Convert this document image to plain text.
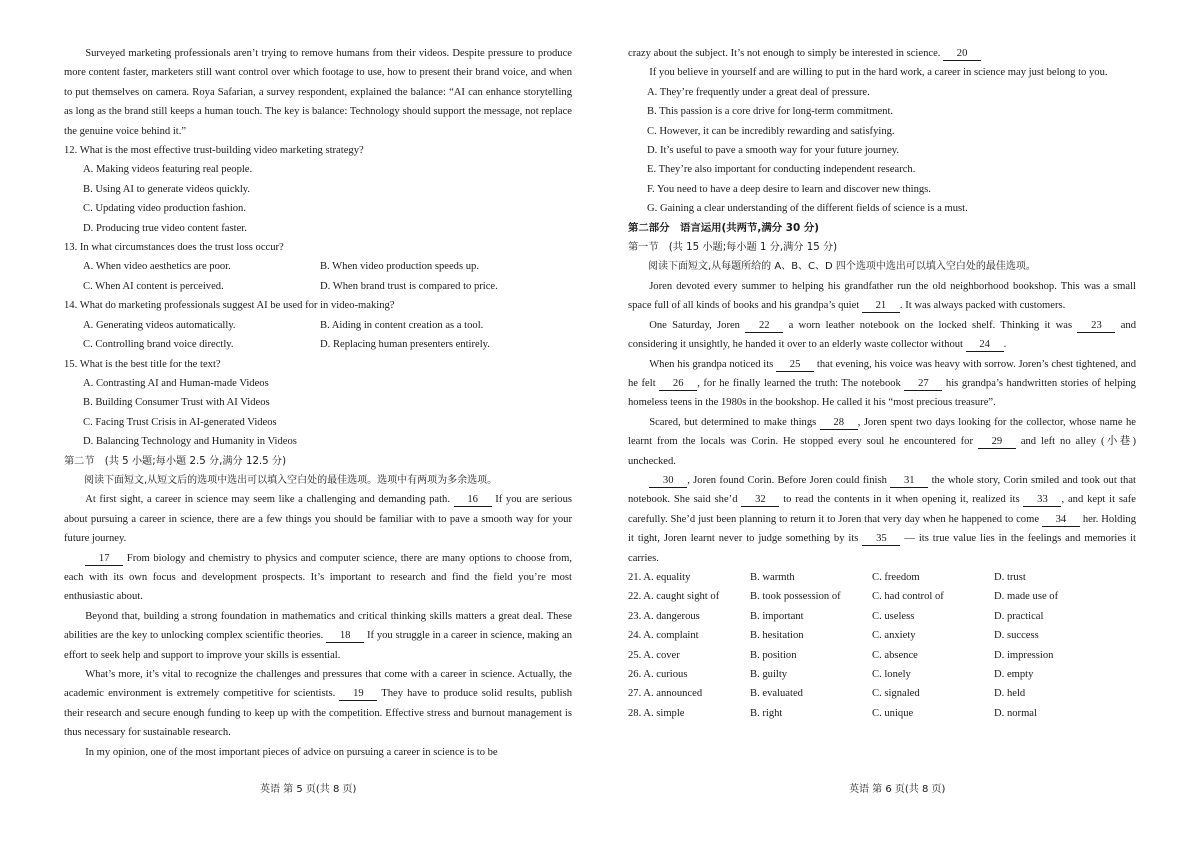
Surveyed marketing professionals aren’t trying to remove humans from their videos. Despite pressure to produce more content faster, marketers still want control over which footage to use, how to present their brand voice, and when to put themselves on camera. Roya Safarian, a survey respondent, explained the balance: “AI can enhance storytelling as long as the brand still keeps a human touch. The key is balance: Technology should support the message, not replace the genuine voice behind it.”
12. What is the most effective trust-building video marketing strategy?
A. Making videos featuring real people.
B. Using AI to generate videos quickly.
C. Updating video production fashion.
D. Producing true video content faster.
13. In what circumstances does the trust loss occur?
A. When video aesthetics are poor.	B. When video production speeds up.
C. When AI content is perceived.	D. When brand trust is compared to price.
14. What do marketing professionals suggest AI be used for in video-making?
A. Generating videos automatically.	B. Aiding in content creation as a tool.
C. Controlling brand voice directly.	D. Replacing human presenters entirely.
15. What is the best title for the text?
A. Contrasting AI and Human-made Videos
B. Building Consumer Trust with AI Videos
C. Facing Trust Crisis in AI-generated Videos
D. Balancing Technology and Humanity in Videos
第二节　(共 5 小题;每小题 2.5 分,满分 12.5 分)
阅读下面短文,从短文后的选项中选出可以填入空白处的最佳选项。选项中有两项为多余选项。
At first sight, a career in science may seem like a challenging and demanding path. 16 If you are serious about pursuing a career in science, there are a few things you should be familiar with to pave a smooth way for your future journey.
17 From biology and chemistry to physics and computer science, there are many options to choose from, each with its own focus and development prospects. It’s important to research and find the field you’re most enthusiastic about.
Beyond that, building a strong foundation in mathematics and critical thinking skills matters a great deal. These abilities are the key to unlocking complex scientific theories. 18 If you struggle in a career in science, making an effort to seek help and support to improve your skills is essential.
What’s more, it’s vital to recognize the challenges and pressures that come with a career in science. Actually, the academic environment is extremely competitive for scientists. 19 They have to produce solid results, publish their research and secure enough funding to keep up with the competition. Effective stress and burnout management is thus necessary for sustainable research.
In my opinion, one of the most important pieces of advice on pursuing a career in science is to be
crazy about the subject. It’s not enough to simply be interested in science. 20
If you believe in yourself and are willing to put in the hard work, a career in science may just belong to you.
A. They’re frequently under a great deal of pressure.
B. This passion is a core drive for long-term commitment.
C. However, it can be incredibly rewarding and satisfying.
D. It’s useful to pave a smooth way for your future journey.
E. They’re also important for conducting independent research.
F. You need to have a deep desire to learn and discover new things.
G. Gaining a clear understanding of the different fields of science is a must.
第二部分　语言运用(共两节,满分 30 分)
第一节　(共 15 小题;每小题 1 分,满分 15 分)
阅读下面短文,从每题所给的 A、B、C、D 四个选项中选出可以填入空白处的最佳选项。
Joren devoted every summer to helping his grandfather run the old neighborhood bookshop. This was a small space full of all kinds of books and his grandpa’s quiet 21 . It was always packed with customers.
One Saturday, Joren 22 a worn leather notebook on the locked shelf. Thinking it was 23 and considering it unsightly, he handed it over to an elderly waste collector without 24 .
When his grandpa noticed its 25 that evening, his voice was heavy with sorrow. Joren’s chest tightened, and he felt 26 , for he finally learned the truth: The notebook 27 his grandpa’s handwritten stories of helping homeless teens in the 1980s in the bookshop. He called it his “most precious treasure”.
Scared, but determined to make things 28 , Joren spent two days looking for the collector, whose name he learnt from the locals was Corin. He stopped every soul he encountered for 29 and left no alley (小巷) unchecked.
30 , Joren found Corin. Before Joren could finish 31 the whole story, Corin smiled and took out that notebook. She said she’d 32 to read the contents in it when opening it, realized its 33 , and kept it safe carefully. She’d just been planning to return it to Joren that very day when he happened to come 34 her. Holding it tight, Joren learnt never to judge something by its 35 — its true value lies in the feelings and memories it carries.
21. A. equality	B. warmth	C. freedom	D. trust
22. A. caught sight of	B. took possession of	C. had control of	D. made use of
23. A. dangerous	B. important	C. useless	D. practical
24. A. complaint	B. hesitation	C. anxiety	D. success
25. A. cover	B. position	C. absence	D. impression
26. A. curious	B. guilty	C. lonely	D. empty
27. A. announced	B. evaluated	C. signaled	D. held
28. A. simple	B. right	C. unique	D. normal
英语 第 5 页(共 8 页)	英语 第 6 页(共 8 页)
